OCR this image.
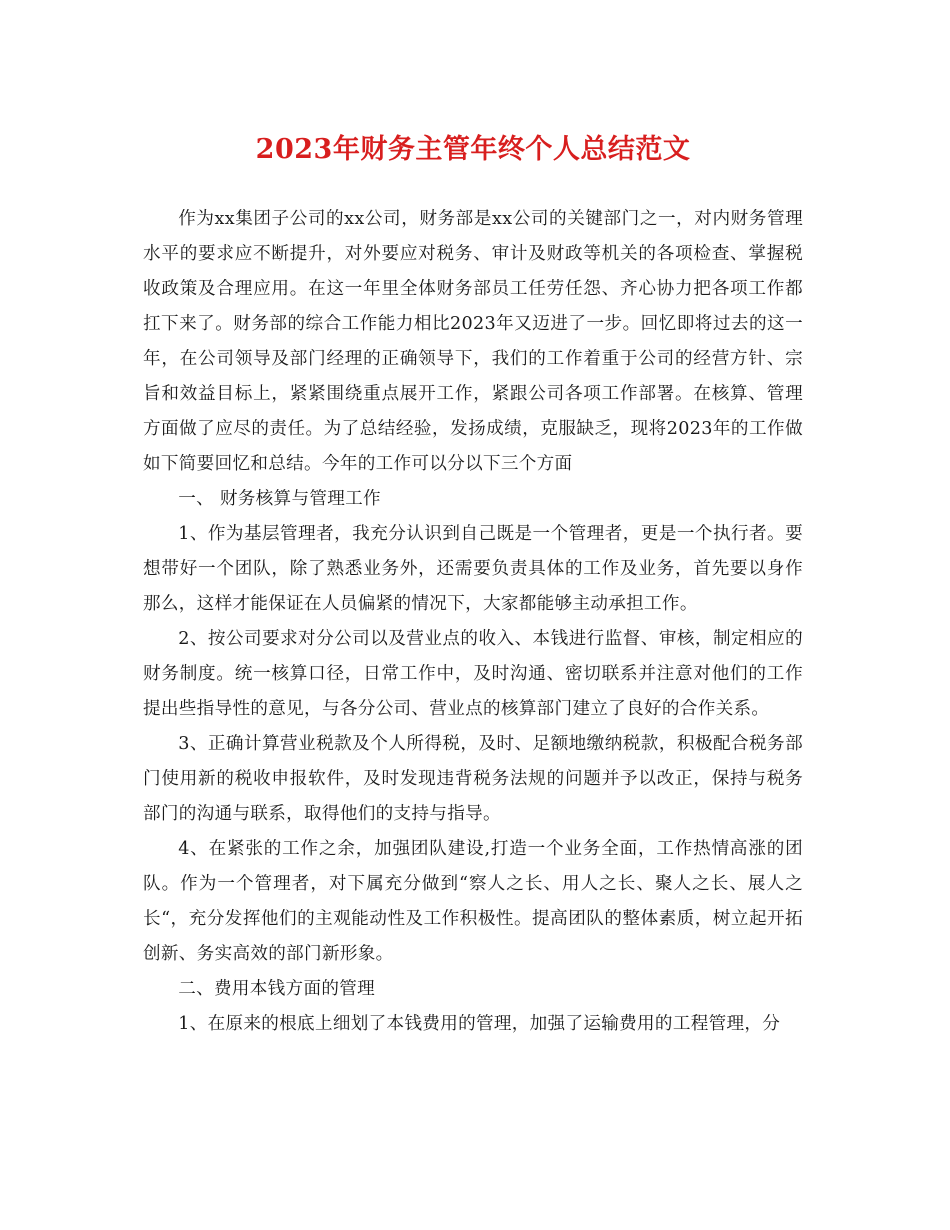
2023年财务主管年终个人总结范文

作为xx集团子公司的xx公司，财务部是xx公司的关键部门之一，对内财务管理水平的要求应不断提升，对外要应对税务、审计及财政等机关的各项检查、掌握税收政策及合理应用。在这一年里全体财务部员工任劳任怨、齐心协力把各项工作都扛下来了。财务部的综合工作能力相比2023年又迈进了一步。回忆即将过去的这一年，在公司领导及部门经理的正确领导下，我们的工作着重于公司的经营方针、宗旨和效益目标上，紧紧围绕重点展开工作，紧跟公司各项工作部署。在核算、管理方面做了应尽的责任。为了总结经验，发扬成绩，克服缺乏，现将2023年的工作做如下简要回忆和总结。今年的工作可以分以下三个方面

一、 财务核算与管理工作

1、作为基层管理者，我充分认识到自己既是一个管理者，更是一个执行者。要想带好一个团队，除了熟悉业务外，还需要负责具体的工作及业务，首先要以身作那么，这样才能保证在人员偏紧的情况下，大家都能够主动承担工作。

2、按公司要求对分公司以及营业点的收入、本钱进行监督、审核，制定相应的财务制度。统一核算口径，日常工作中，及时沟通、密切联系并注意对他们的工作提出些指导性的意见，与各分公司、营业点的核算部门建立了良好的合作关系。

3、正确计算营业税款及个人所得税，及时、足额地缴纳税款，积极配合税务部门使用新的税收申报软件，及时发现违背税务法规的问题并予以改正，保持与税务部门的沟通与联系，取得他们的支持与指导。

4、在紧张的工作之余，加强团队建设,打造一个业务全面，工作热情高涨的团队。作为一个管理者，对下属充分做到“察人之长、用人之长、聚人之长、展人之长“，充分发挥他们的主观能动性及工作积极性。提高团队的整体素质，树立起开拓创新、务实高效的部门新形象。

二、费用本钱方面的管理

1、在原来的根底上细划了本钱费用的管理，加强了运输费用的工程管理，分
